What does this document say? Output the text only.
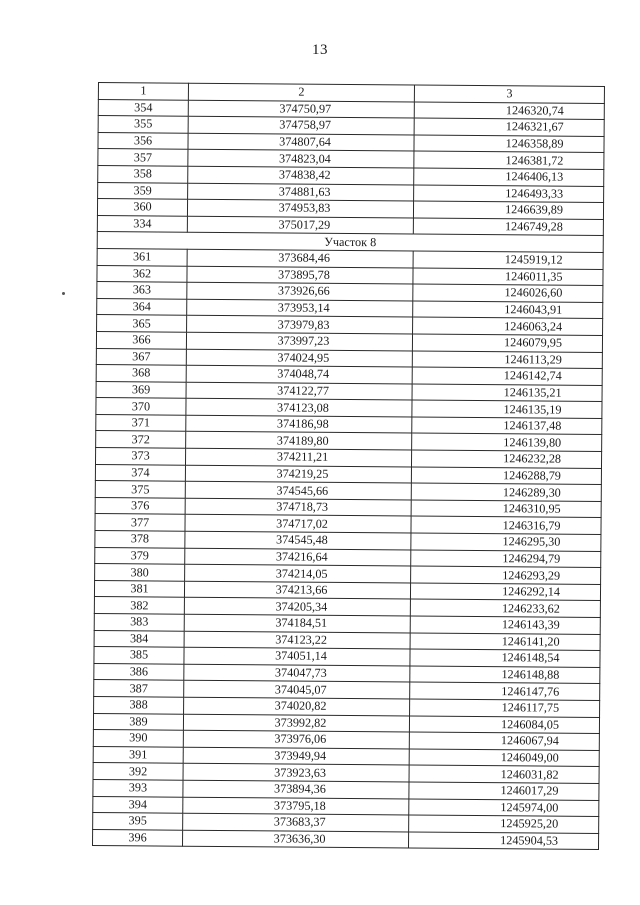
13
1	2	3
354	374750,97	1246320,74
355	374758,97	1246321,67
356	374807,64	1246358,89
357	374823,04	1246381,72
358	374838,42	1246406,13
359	374881,63	1246493,33
360	374953,83	1246639,89
334	375017,29	1246749,28
Участок 8		
361	373684,46	1245919,12
362	373895,78	1246011,35
363	373926,66	1246026,60
364	373953,14	1246043,91
365	373979,83	1246063,24
366	373997,23	1246079,95
367	374024,95	1246113,29
368	374048,74	1246142,74
369	374122,77	1246135,21
370	374123,08	1246135,19
371	374186,98	1246137,48
372	374189,80	1246139,80
373	374211,21	1246232,28
374	374219,25	1246288,79
375	374545,66	1246289,30
376	374718,73	1246310,95
377	374717,02	1246316,79
378	374545,48	1246295,30
379	374216,64	1246294,79
380	374214,05	1246293,29
381	374213,66	1246292,14
382	374205,34	1246233,62
383	374184,51	1246143,39
384	374123,22	1246141,20
385	374051,14	1246148,54
386	374047,73	1246148,88
387	374045,07	1246147,76
388	374020,82	1246117,75
389	373992,82	1246084,05
390	373976,06	1246067,94
391	373949,94	1246049,00
392	373923,63	1246031,82
393	373894,36	1246017,29
394	373795,18	1245974,00
395	373683,37	1245925,20
396	373636,30	1245904,53
